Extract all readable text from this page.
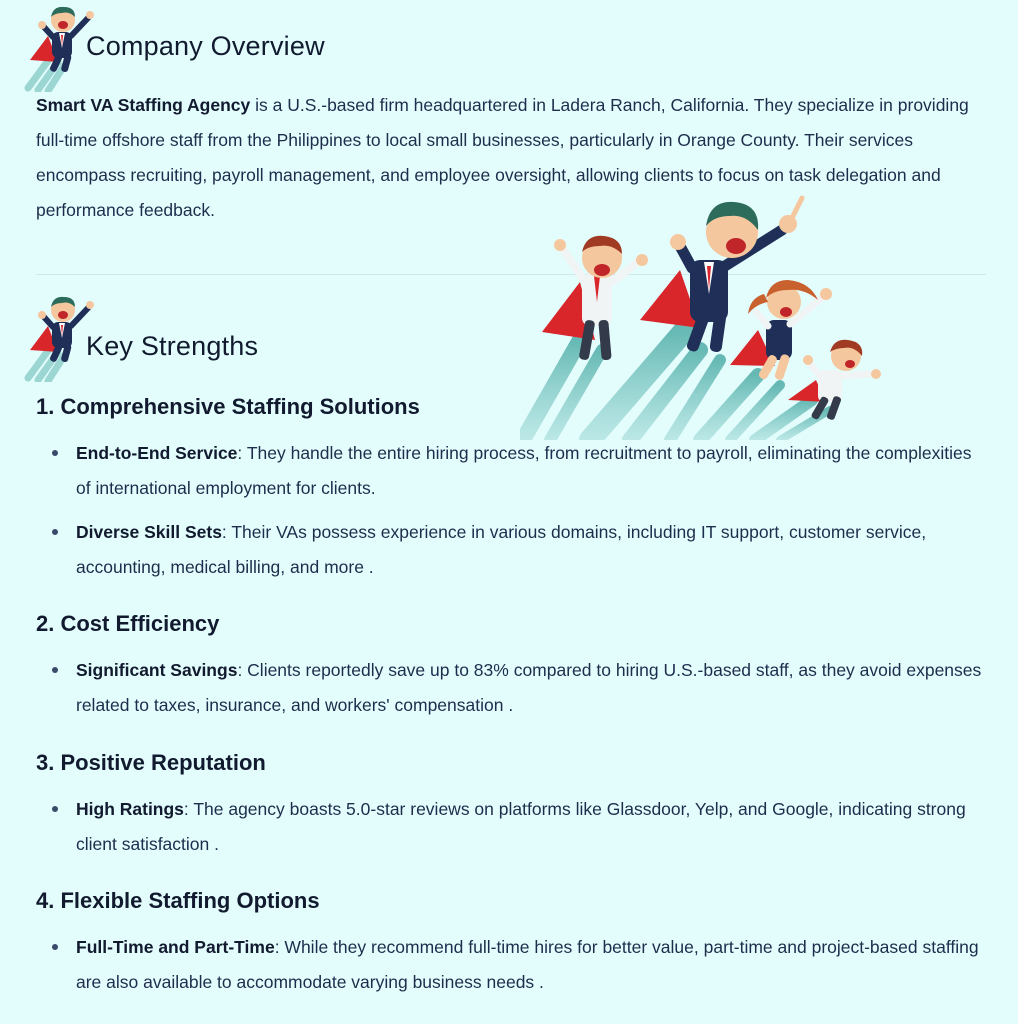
Company Overview

Smart VA Staffing Agency is a U.S.-based firm headquartered in Ladera Ranch, California. They specialize in providing full-time offshore staff from the Philippines to local small businesses, particularly in Orange County. Their services encompass recruiting, payroll management, and employee oversight, allowing clients to focus on task delegation and performance feedback.

Key Strengths
1. Comprehensive Staffing Solutions
End-to-End Service: They handle the entire hiring process, from recruitment to payroll, eliminating the complexities of international employment for clients.
Diverse Skill Sets: Their VAs possess experience in various domains, including IT support, customer service, accounting, medical billing, and more .
2. Cost Efficiency
Significant Savings: Clients reportedly save up to 83% compared to hiring U.S.-based staff, as they avoid expenses related to taxes, insurance, and workers' compensation .
3. Positive Reputation
High Ratings: The agency boasts 5.0-star reviews on platforms like Glassdoor, Yelp, and Google, indicating strong client satisfaction .
4. Flexible Staffing Options
Full-Time and Part-Time: While they recommend full-time hires for better value, part-time and project-based staffing are also available to accommodate varying business needs .
